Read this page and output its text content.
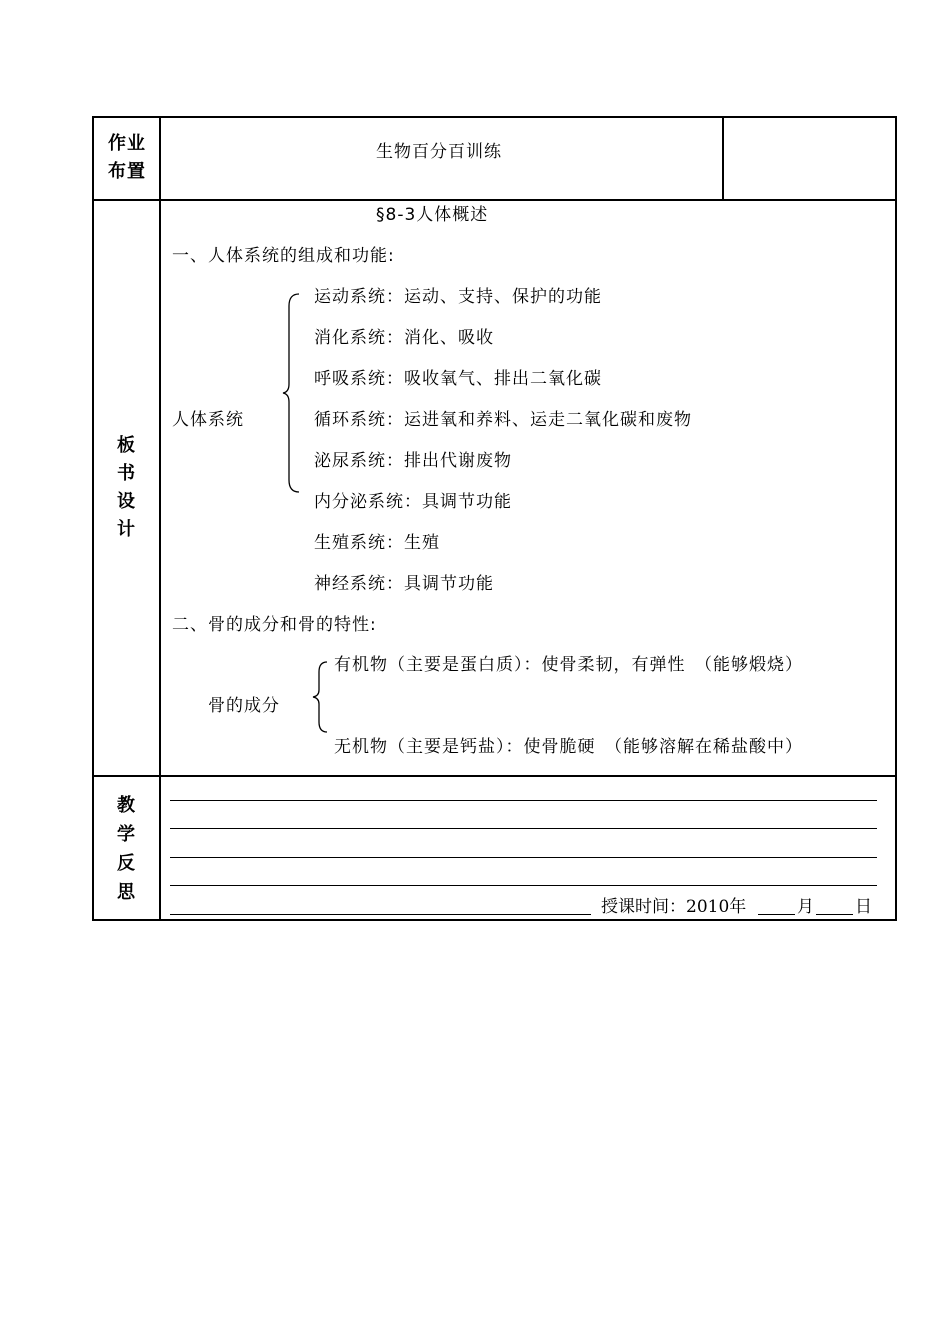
作业
布置
生物百分百训练
板
书
设
计
§8-3人体概述
一、人体系统的组成和功能:
人体系统
运动系统：运动、支持、保护的功能
消化系统：消化、吸收
呼吸系统：吸收氧气、排出二氧化碳
循环系统：运进氧和养料、运走二氧化碳和废物
泌尿系统：排出代谢废物
内分泌系统：具调节功能
生殖系统：生殖
神经系统：具调节功能
二、骨的成分和骨的特性:
骨的成分
有机物（主要是蛋白质）：使骨柔韧，有弹性　（能够煅烧）
无机物（主要是钙盐）：使骨脆硬　（能够溶解在稀盐酸中）
教
学
反
思
授课时间：2010年	月 日
